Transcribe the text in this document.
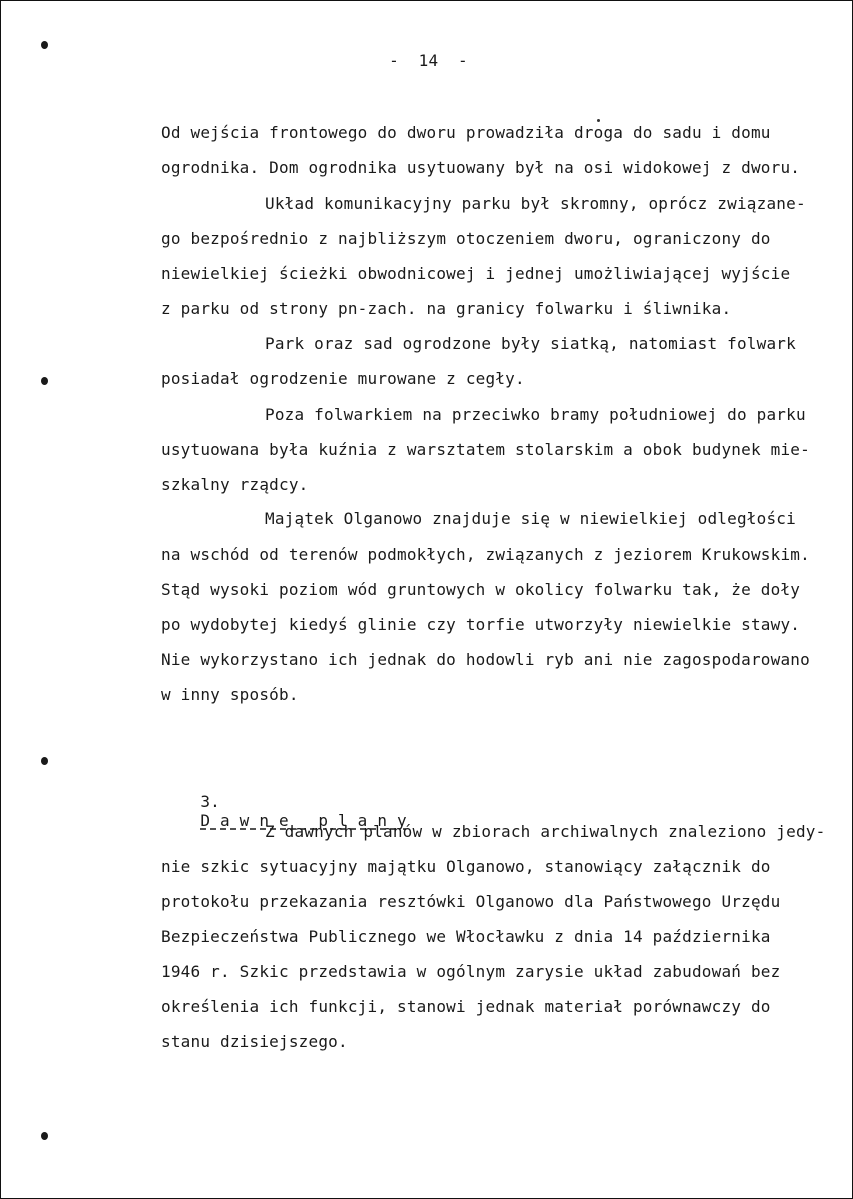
-  14  -
Od wejścia frontowego do dworu prowadziła droga do sadu i domu
ogrodnika. Dom ogrodnika usytuowany był na osi widokowej z dworu.
Układ komunikacyjny parku był skromny, oprócz związane-
go bezpośrednio z najbliższym otoczeniem dworu, ograniczony do
niewielkiej ścieżki obwodnicowej i jednej umożliwiającej wyjście
z parku od strony pn-zach. na granicy folwarku i śliwnika.
Park oraz sad ogrodzone były siatką, natomiast folwark
posiadał ogrodzenie murowane z cegły.
Poza folwarkiem na przeciwko bramy południowej do parku
usytuowana była kuźnia z warsztatem stolarskim a obok budynek mie-
szkalny rządcy.
Majątek Olganowo znajduje się w niewielkiej odległości
na wschód od terenów podmokłych, związanych z jeziorem Krukowskim.
Stąd wysoki poziom wód gruntowych w okolicy folwarku tak, że doły
po wydobytej kiedyś glinie czy torfie utworzyły niewielkie stawy.
Nie wykorzystano ich jednak do hodowli ryb ani nie zagospodarowano
w inny sposób.

3.
D a w n e   p l a n y

Z dawnych planów w zbiorach archiwalnych znaleziono jedy-
nie szkic sytuacyjny majątku Olganowo, stanowiący załącznik do
protokołu przekazania resztówki Olganowo dla Państwowego Urzędu
Bezpieczeństwa Publicznego we Włocławku z dnia 14 października
1946 r. Szkic przedstawia w ogólnym zarysie układ zabudowań bez
określenia ich funkcji, stanowi jednak materiał porównawczy do
stanu dzisiejszego.
